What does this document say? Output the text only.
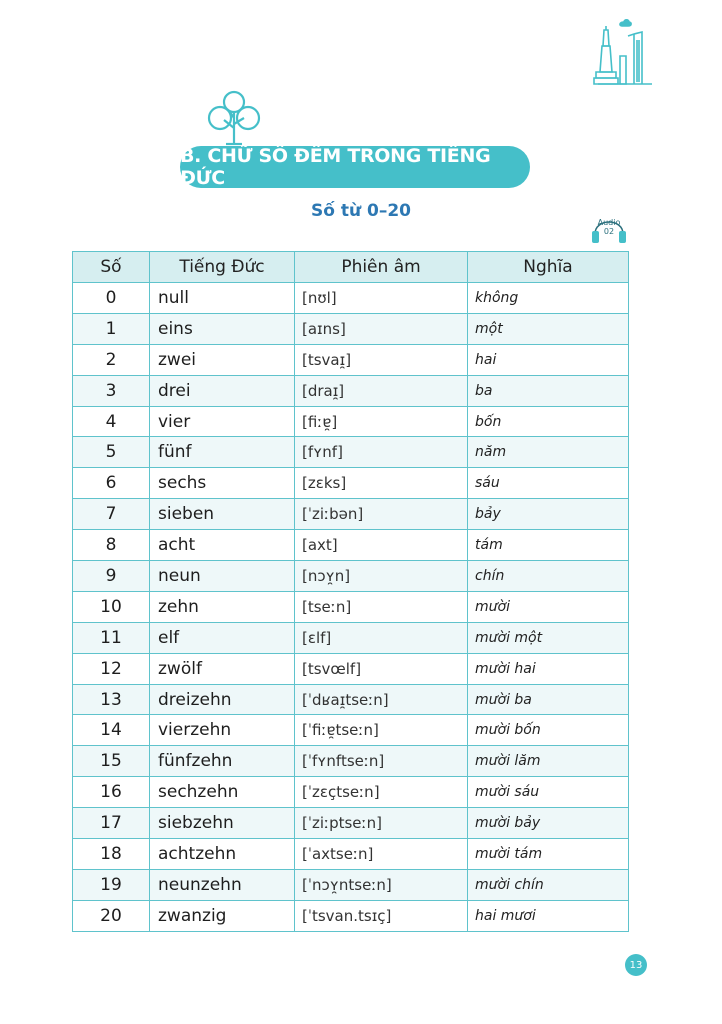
B. CHỮ SỐ ĐẾM TRONG TIẾNG ĐỨC
Số từ 0–20
Audio
02
Số	Tiếng Đức	Phiên âm	Nghĩa
0	null	[nʊl]	không
1	eins	[aɪns]	một
2	zwei	[tsvaɪ̯]	hai
3	drei	[draɪ̯]	ba
4	vier	[fiːɐ̯]	bốn
5	fünf	[fʏnf]	năm
6	sechs	[zɛks]	sáu
7	sieben	[ˈziːbən]	bảy
8	acht	[axt]	tám
9	neun	[nɔʏ̯n]	chín
10	zehn	[tseːn]	mười
11	elf	[ɛlf]	mười một
12	zwölf	[tsvœlf]	mười hai
13	dreizehn	[ˈdʁaɪ̯tseːn]	mười ba
14	vierzehn	[ˈfiːɐ̯tseːn]	mười bốn
15	fünfzehn	[ˈfʏnftseːn]	mười lăm
16	sechzehn	[ˈzɛçtseːn]	mười sáu
17	siebzehn	[ˈziːptseːn]	mười bảy
18	achtzehn	[ˈaxtseːn]	mười tám
19	neunzehn	[ˈnɔʏ̯ntseːn]	mười chín
20	zwanzig	[ˈtsvan.tsɪç]	hai mươi
13
